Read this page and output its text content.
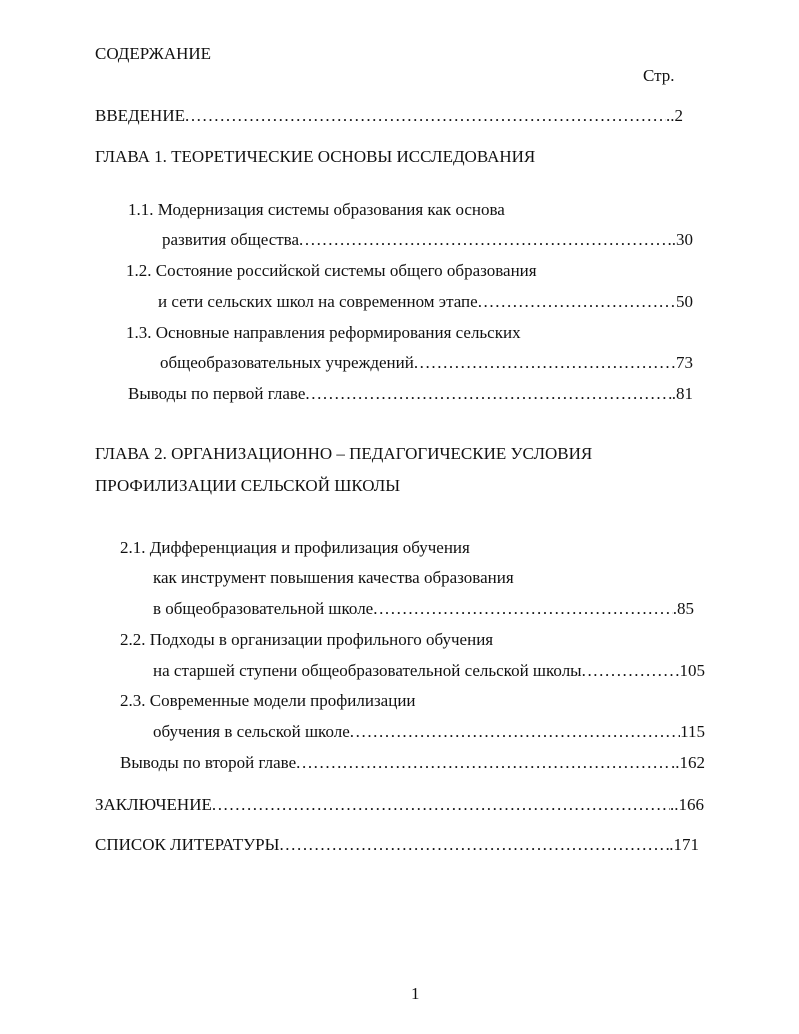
СОДЕРЖАНИЕ
Стр.
ВВЕДЕНИЕ .....	..2
ГЛАВА 1. ТЕОРЕТИЧЕСКИЕ ОСНОВЫ ИССЛЕДОВАНИЯ
1.1. Модернизация системы образования как основа
развития общества .....	..30
1.2. Состояние российской системы общего образования
и сети сельских школ на современном этапе .....	50
1.3. Основные направления реформирования сельских
общеобразовательных учреждений .....	73
Выводы по первой главе .....	.81
ГЛАВА 2. ОРГАНИЗАЦИОННО – ПЕДАГОГИЧЕСКИЕ УСЛОВИЯ
ПРОФИЛИЗАЦИИ СЕЛЬСКОЙ ШКОЛЫ
2.1. Дифференциация и профилизация обучения
как инструмент повышения качества образования
в общеобразовательной школе .....	.85
2.2. Подходы в организации профильного обучения
на старшей ступени общеобразовательной сельской школы .....	105
2.3. Современные модели профилизации
обучения в сельской школе .....	115
Выводы по второй главе .....	..162
ЗАКЛЮЧЕНИЕ .....	..166
СПИСОК ЛИТЕРАТУРЫ .....	.171
1
